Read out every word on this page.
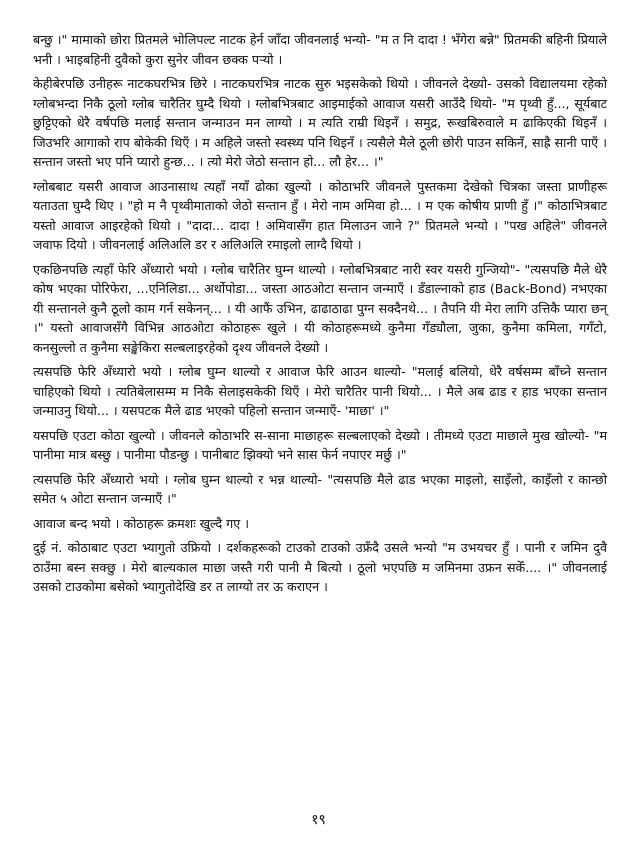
बन्छु ।" मामाको छोरा प्रितमले भोलिपल्ट नाटक हेर्न जाँदा जीवनलाई भन्यो- "म त नि दादा ! भँगेरा बन्ने" प्रितमकी बहिनी प्रियाले भनी । भाइबहिनी दुवैको कुरा सुनेर जीवन छक्क पर्‍यो ।

केहीबेरपछि उनीहरू नाटकघरभित्र छिरे । नाटकघरभित्र नाटक सुरु भइसकेको थियो । जीवनले देख्यो- उसको विद्यालयमा रहेको ग्लोबभन्दा निकै ठूलो ग्लोब चारैतिर घुम्दै थियो । ग्लोबभित्रबाट आइमाईको आवाज यसरी आउँदै थियो- "म पृथ्वी हुँ..., सूर्यबाट छुट्टिएको धेरै वर्षपछि मलाई सन्तान जन्माउन मन लाग्यो । म त्यति राम्री थिइनँ । समुद्र, रूखबिरुवाले म ढाकिएकी थिइनँ । जिउभरि आगाको राप बोकेकी थिएँ । म अहिले जस्तो स्वस्थ्य पनि थिइनँ । त्यसैले मैले ठूली छोरी पाउन सकिनँ, साह्रै सानी पाएँ । सन्तान जस्तो भए पनि प्यारो हुन्छ... । त्यो मेरो जेठो सन्तान हो... लौ हेर... ।"

ग्लोबबाट यसरी आवाज आउनासाथ त्यहाँ नयाँ ढोका खुल्यो । कोठाभरि जीवनले पुस्तकमा देखेको चित्रका जस्ता प्राणीहरू यताउता घुम्दै थिए । "हो म नै पृथ्वीमाताको जेठो सन्तान हुँ । मेरो नाम अमिवा हो... । म एक कोषीय प्राणी हुँ ।" कोठाभित्रबाट यस्तो आवाज आइरहेको थियो । "दादा... दादा ! अमिवासँग हात मिलाउन जाने ?" प्रितमले भन्यो । "पख अहिले" जीवनले जवाफ दियो । जीवनलाई अलिअलि डर र अलिअलि रमाइलो लाग्दै थियो ।

एकछिनपछि त्यहाँ फेरि अँध्यारो भयो । ग्लोब चारैतिर घुम्न थाल्यो । ग्लोबभित्रबाट नारी स्वर यसरी गुन्जियो"- "त्यसपछि मैले धेरै कोष भएका पोरिफेरा, ...एनिलिडा... अर्थोपोडा... जस्ता आठओटा सन्तान जन्माएँ । डँडाल्नाको हाड (Back-Bond) नभएका यी सन्तानले कुनै ठूलो काम गर्न सकेनन्... । यी आफैं उभिन, ढाढाठाढा पुग्न सक्दैनथे... । तैपनि यी मेरा लागि उत्तिकै प्यारा छन् ।" यस्तो आवाजसँगै विभिन्न आठओटा कोठाहरू खुले । यी कोठाहरूमध्ये कुनैमा गँड्यौला, जुका, कुनैमा कमिला, गगँटो, कनसुल्लो त कुनैमा सङ्खेकिरा सल्बलाइरहेको दृश्य जीवनले देख्यो ।

त्यसपछि फेरि अँध्यारो भयो । ग्लोब घुम्न थाल्यो र आवाज फेरि आउन थाल्यो- "मलाई बलियो, धेरै वर्षसम्म बाँच्ने सन्तान चाहिएको थियो । त्यतिबेलासम्म म निकै सेलाइसकेकी थिएँ । मेरो चारैतिर पानी थियो... । मैले अब ढाड र हाड भएका सन्तान जन्माउनु थियो... । यसपटक मैले ढाड भएको पहिलो सन्तान जन्माएँ- 'माछा' ।"

यसपछि एउटा कोठा खुल्यो । जीवनले कोठाभरि स-साना माछाहरू सल्बलाएको देख्यो । तीमध्ये एउटा माछाले मुख खोल्यो- "म पानीमा मात्र बस्छु । पानीमा पौडन्छु । पानीबाट झिक्यो भने सास फेर्न नपाएर मर्छु ।"

त्यसपछि फेरि अँध्यारो भयो । ग्लोब घुम्न थाल्यो र भन्न थाल्यो- "त्यसपछि मैले ढाड भएका माइलो, साइँलो, काइँलो र कान्छो समेत ५ ओटा सन्तान जन्माएँ ।"

आवाज बन्द भयो । कोठाहरू क्रमशः खुल्दै गए ।

दुई नं. कोठाबाट एउटा भ्यागुतो उफ्रियो । दर्शकहरूको टाउको टाउको उफ्रँदै उसले भन्यो "म उभयचर हुँ । पानी र जमिन दुवै ठाउँमा बस्न सक्छु । मेरो बाल्यकाल माछा जस्तै गरी पानी मै बित्यो । ठूलो भएपछि म जमिनमा उफ्रन सकेँ.... ।" जीवनलाई उसको टाउकोमा बसेको भ्यागुतोदेखि डर त लाग्यो तर ऊ कराएन ।

१९
